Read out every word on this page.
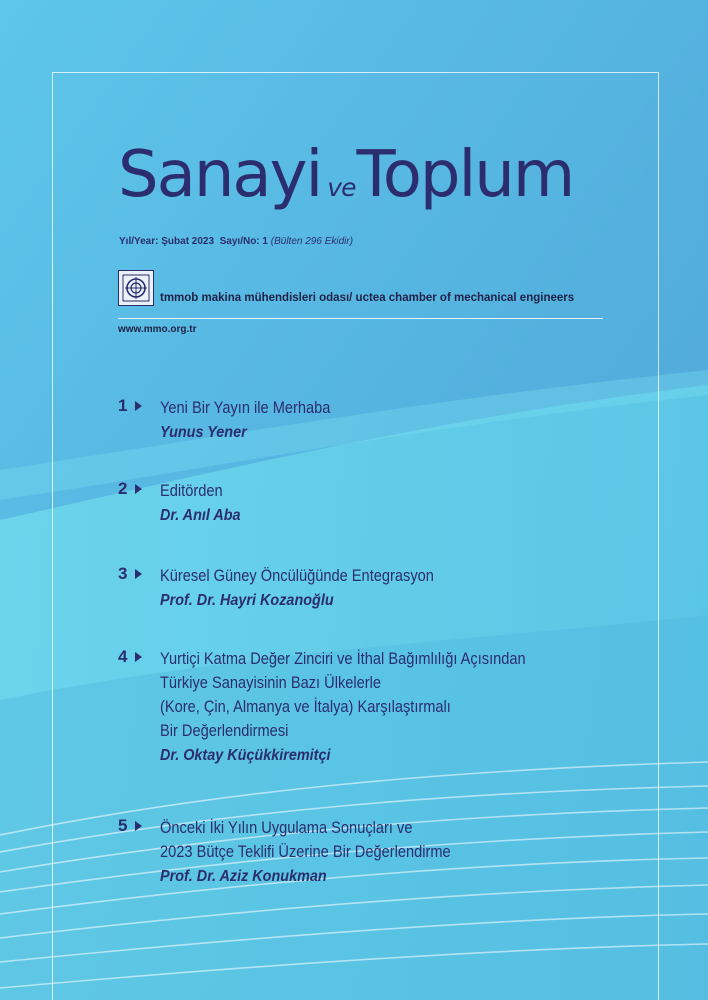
Sanayi veToplum
Yıl/Year: Şubat 2023 Sayı/No: 1 (Bülten 296 Ekidir)
tmmob makina mühendisleri odası/ uctea chamber of mechanical engineers
www.mmo.org.tr
1 Yeni Bir Yayın ile Merhaba
Yunus Yener
2 Editörden
Dr. Anıl Aba
3 Küresel Güney Öncülüğünde Entegrasyon
Prof. Dr. Hayri Kozanoğlu
4 Yurtiçi Katma Değer Zinciri ve İthal Bağımlılığı Açısından
Türkiye Sanayisinin Bazı Ülkelerle
(Kore, Çin, Almanya ve İtalya) Karşılaştırmalı
Bir Değerlendirmesi
Dr. Oktay Küçükkiremitçi
5 Önceki İki Yılın Uygulama Sonuçları ve
2023 Bütçe Teklifi Üzerine Bir Değerlendirme
Prof. Dr. Aziz Konukman
